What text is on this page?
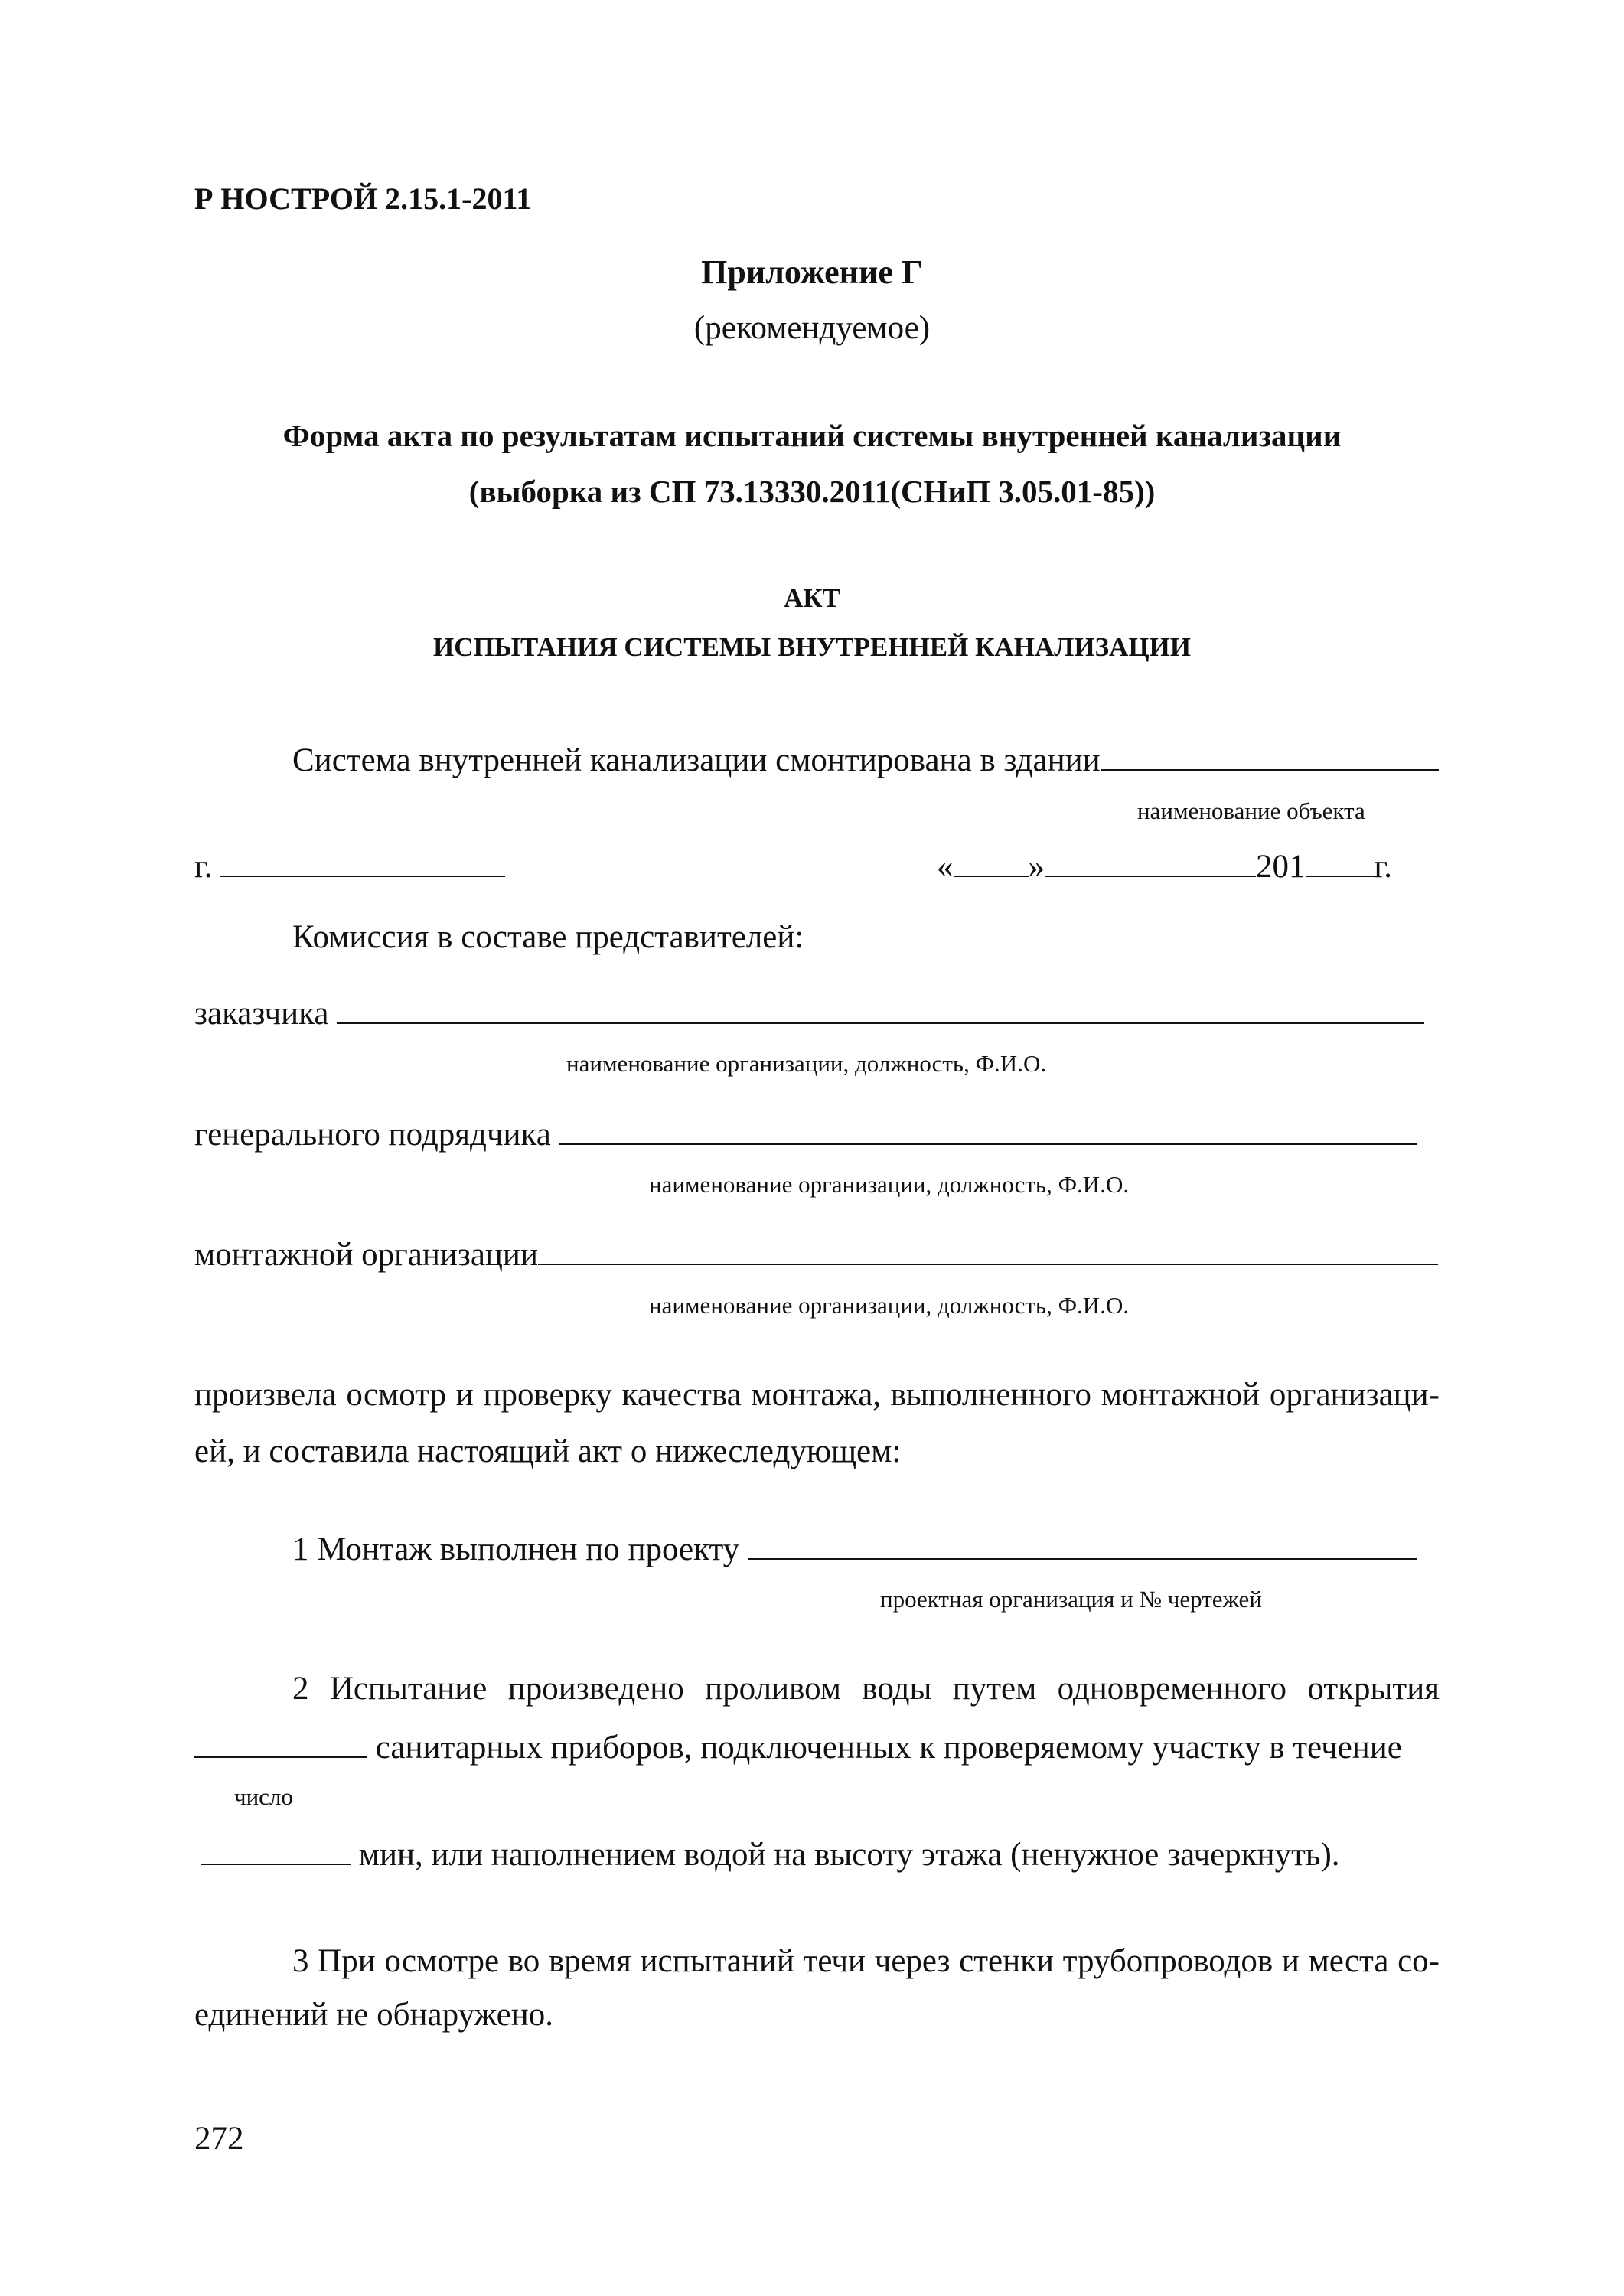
Р НОСТРОЙ 2.15.1-2011
Приложение Г
(рекомендуемое)
Форма акта по результатам испытаний системы внутренней канализации
(выборка из СП 73.13330.2011(СНиП 3.05.01-85))
АКТ
ИСПЫТАНИЯ СИСТЕМЫ ВНУТРЕННЕЙ КАНАЛИЗАЦИИ
Система внутренней канализации смонтирована в здании
наименование объекта
г.	« »	201 г.
Комиссия в составе представителей:
заказчика
наименование организации, должность, Ф.И.О.
генерального подрядчика
наименование организации, должность, Ф.И.О.
монтажной организации
наименование организации, должность, Ф.И.О.
произвела осмотр и проверку качества монтажа, выполненного монтажной организаци-
ей, и составила настоящий акт о нижеследующем:
1 Монтаж выполнен по проекту
проектная организация и № чертежей
2 Испытание произведено проливом воды путем одновременного открытия
санитарных приборов, подключенных к проверяемому участку в течение
число
мин, или наполнением водой на высоту этажа (ненужное зачеркнуть).
3 При осмотре во время испытаний течи через стенки трубопроводов и места со-
единений не обнаружено.
272
